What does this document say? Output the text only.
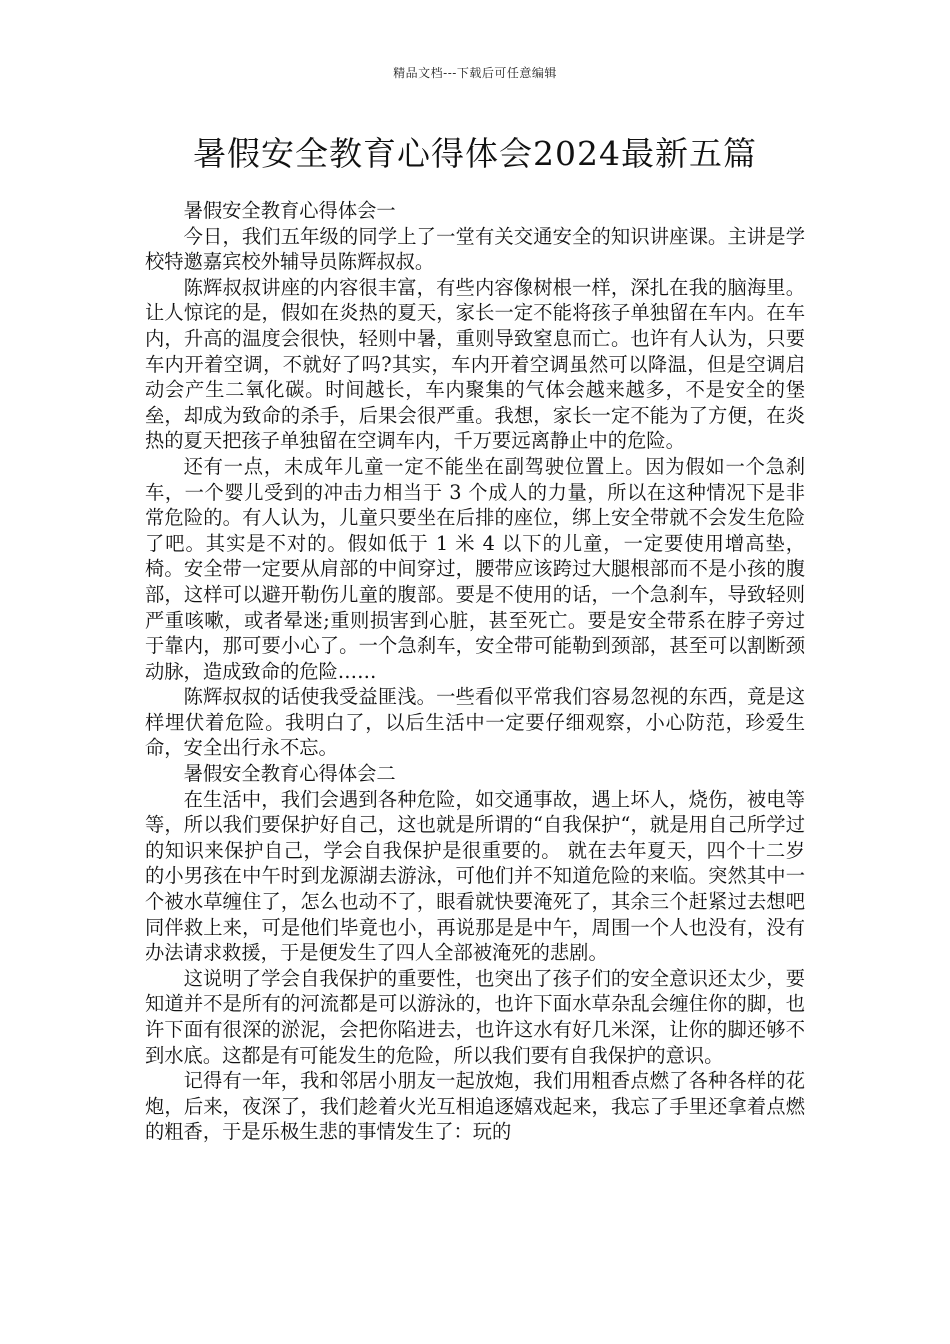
精品文档---下载后可任意编辑
暑假安全教育心得体会2024最新五篇

暑假安全教育心得体会一

今日，我们五年级的同学上了一堂有关交通安全的知识讲座课。主讲是学校特邀嘉宾校外辅导员陈辉叔叔。

陈辉叔叔讲座的内容很丰富，有些内容像树根一样，深扎在我的脑海里。让人惊诧的是，假如在炎热的夏天，家长一定不能将孩子单独留在车内。在车内，升高的温度会很快，轻则中暑，重则导致窒息而亡。也许有人认为，只要车内开着空调，不就好了吗?其实，车内开着空调虽然可以降温，但是空调启动会产生二氧化碳。时间越长，车内聚集的气体会越来越多，不是安全的堡垒，却成为致命的杀手，后果会很严重。我想，家长一定不能为了方便，在炎热的夏天把孩子单独留在空调车内，千万要远离静止中的危险。

还有一点，未成年儿童一定不能坐在副驾驶位置上。因为假如一个急刹车，一个婴儿受到的冲击力相当于 3 个成人的力量，所以在这种情况下是非常危险的。有人认为，儿童只要坐在后排的座位，绑上安全带就不会发生危险了吧。其实是不对的。假如低于 1 米 4 以下的儿童，一定要使用增高垫，椅。安全带一定要从肩部的中间穿过，腰带应该跨过大腿根部而不是小孩的腹部，这样可以避开勒伤儿童的腹部。要是不使用的话，一个急刹车，导致轻则严重咳嗽，或者晕迷;重则损害到心脏，甚至死亡。要是安全带系在脖子旁过于靠内，那可要小心了。一个急刹车，安全带可能勒到颈部，甚至可以割断颈动脉，造成致命的危险……

陈辉叔叔的话使我受益匪浅。一些看似平常我们容易忽视的东西，竟是这样埋伏着危险。我明白了，以后生活中一定要仔细观察，小心防范，珍爱生命，安全出行永不忘。

暑假安全教育心得体会二

在生活中，我们会遇到各种危险，如交通事故，遇上坏人，烧伤，被电等等，所以我们要保护好自己，这也就是所谓的“自我保护“，就是用自己所学过的知识来保护自己，学会自我保护是很重要的。 就在去年夏天，四个十二岁的小男孩在中午时到龙源湖去游泳，可他们并不知道危险的来临。突然其中一个被水草缠住了，怎么也动不了，眼看就快要淹死了，其余三个赶紧过去想吧同伴救上来，可是他们毕竟也小，再说那是是中午，周围一个人也没有，没有办法请求救援，于是便发生了四人全部被淹死的悲剧。

这说明了学会自我保护的重要性，也突出了孩子们的安全意识还太少，要知道并不是所有的河流都是可以游泳的，也许下面水草杂乱会缠住你的脚，也许下面有很深的淤泥，会把你陷进去，也许这水有好几米深，让你的脚还够不到水底。这都是有可能发生的危险，所以我们要有自我保护的意识。

记得有一年，我和邻居小朋友一起放炮，我们用粗香点燃了各种各样的花炮，后来，夜深了，我们趁着火光互相追逐嬉戏起来，我忘了手里还拿着点燃的粗香，于是乐极生悲的事情发生了：玩的
